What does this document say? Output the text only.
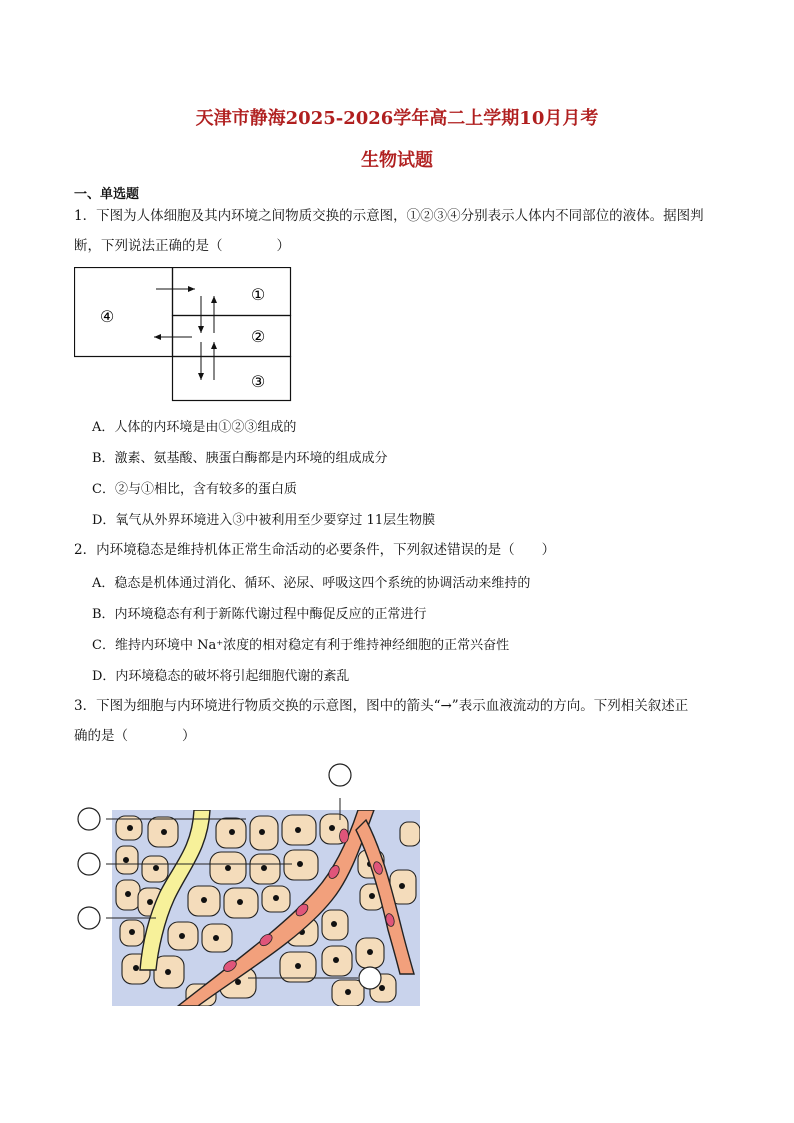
天津市静海2025-2026学年高二上学期10月月考
生物试题
一、单选题
1．下图为人体细胞及其内环境之间物质交换的示意图，①②③④分别表示人体内不同部位的液体。据图判
断，下列说法正确的是（　　　　）
①
②
③
④
A．人体的内环境是由①②③组成的
B．激素、氨基酸、胰蛋白酶都是内环境的组成成分
C．②与①相比，含有较多的蛋白质
D．氧气从外界环境进入③中被利用至少要穿过 11层生物膜
2．内环境稳态是维持机体正常生命活动的必要条件，下列叙述错误的是（　　）
A．稳态是机体通过消化、循环、泌尿、呼吸这四个系统的协调活动来维持的
B．内环境稳态有利于新陈代谢过程中酶促反应的正常进行
C．维持内环境中 Na⁺浓度的相对稳定有利于维持神经细胞的正常兴奋性
D．内环境稳态的破坏将引起细胞代谢的紊乱
3．下图为细胞与内环境进行物质交换的示意图，图中的箭头“→”表示血液流动的方向。下列相关叙述正
确的是（　　　　）
